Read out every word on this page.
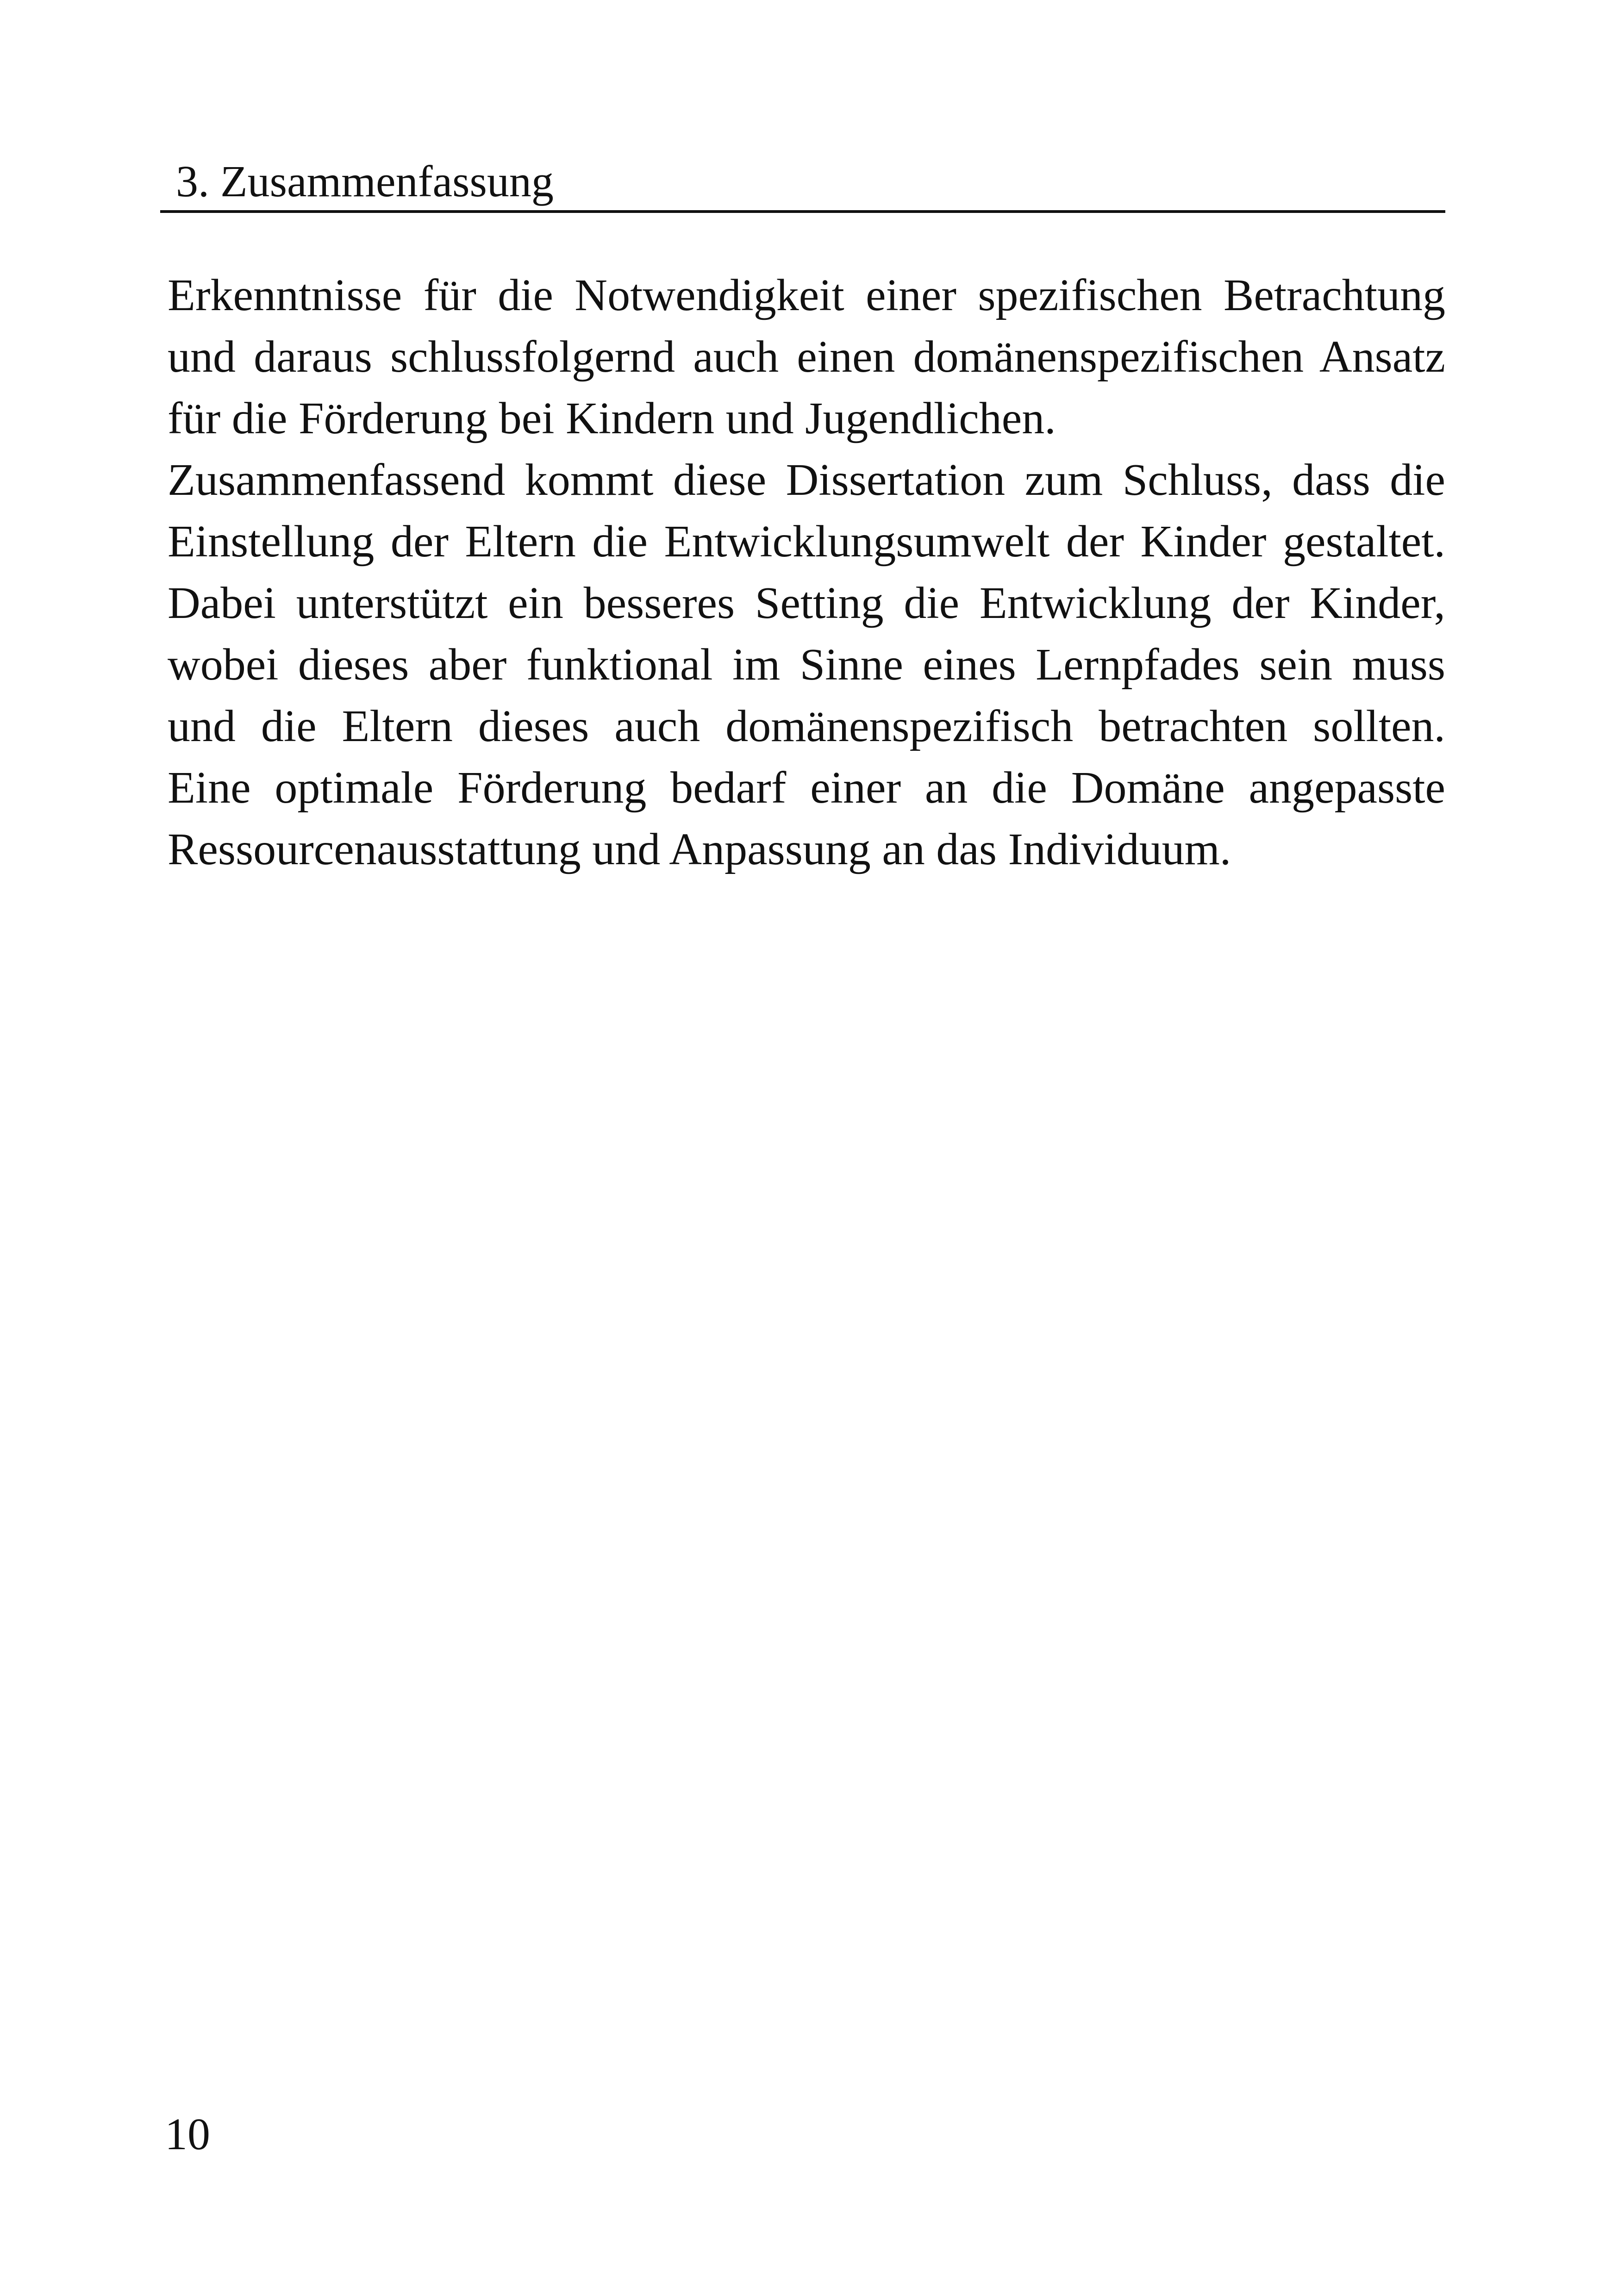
3. Zusammenfassung

Erkenntnisse für die Notwendigkeit einer spezifischen Betrachtung
und daraus schlussfolgernd auch einen domänenspezifischen Ansatz
für die Förderung bei Kindern und Jugendlichen.

Zusammenfassend kommt diese Dissertation zum Schluss, dass die
Einstellung der Eltern die Entwicklungsumwelt der Kinder gestaltet.
Dabei unterstützt ein besseres Setting die Entwicklung der Kinder,
wobei dieses aber funktional im Sinne eines Lernpfades sein muss
und die Eltern dieses auch domänenspezifisch betrachten sollten.
Eine optimale Förderung bedarf einer an die Domäne angepasste
Ressourcenausstattung und Anpassung an das Individuum.

10
